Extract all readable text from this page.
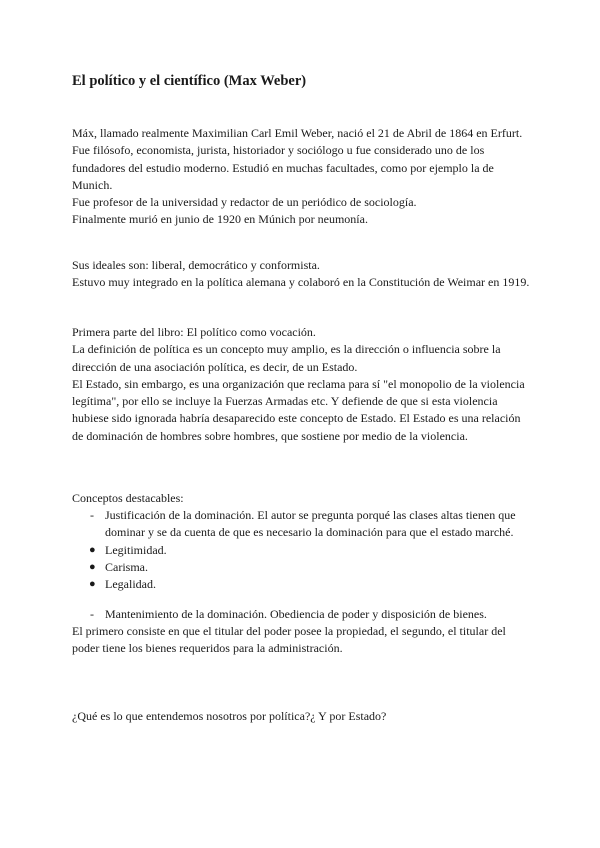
El político y el científico (Max Weber)

Máx, llamado realmente Maximilian Carl Emil Weber, nació el 21 de Abril de 1864 en Erfurt.

Fue filósofo, economista, jurista, historiador y sociólogo u fue considerado uno de los fundadores del estudio moderno. Estudió en muchas facultades, como por ejemplo la de Munich.

Fue profesor de la universidad y redactor de un periódico de sociología.

Finalmente murió en junio de 1920 en Múnich por neumonía.

Sus ideales son: liberal, democrático y conformista.

Estuvo muy integrado en la política alemana y colaboró en la Constitución de Weimar en 1919.

Primera parte del libro: El político como vocación.

La definición de política es un concepto muy amplio, es la dirección o influencia sobre la dirección de una asociación política, es decir, de un Estado.

El Estado, sin embargo, es una organización que reclama para sí "el monopolio de la violencia legítima", por ello se incluye la Fuerzas Armadas etc. Y defiende de que si esta violencia hubiese sido ignorada habría desaparecido este concepto de Estado. El Estado es una relación de dominación de hombres sobre hombres, que sostiene por medio de la violencia.

Conceptos destacables:
- Justificación de la dominación. El autor se pregunta porqué las clases altas tienen que dominar y se da cuenta de que es necesario la dominación para que el estado marché.
● Legitimidad.
● Carisma.
● Legalidad.
- Mantenimiento de la dominación. Obediencia de poder y disposición de bienes.
El primero consiste en que el titular del poder posee la propiedad, el segundo, el titular del poder tiene los bienes requeridos para la administración.
¿Qué es lo que entendemos nosotros por política?¿ Y por Estado?
